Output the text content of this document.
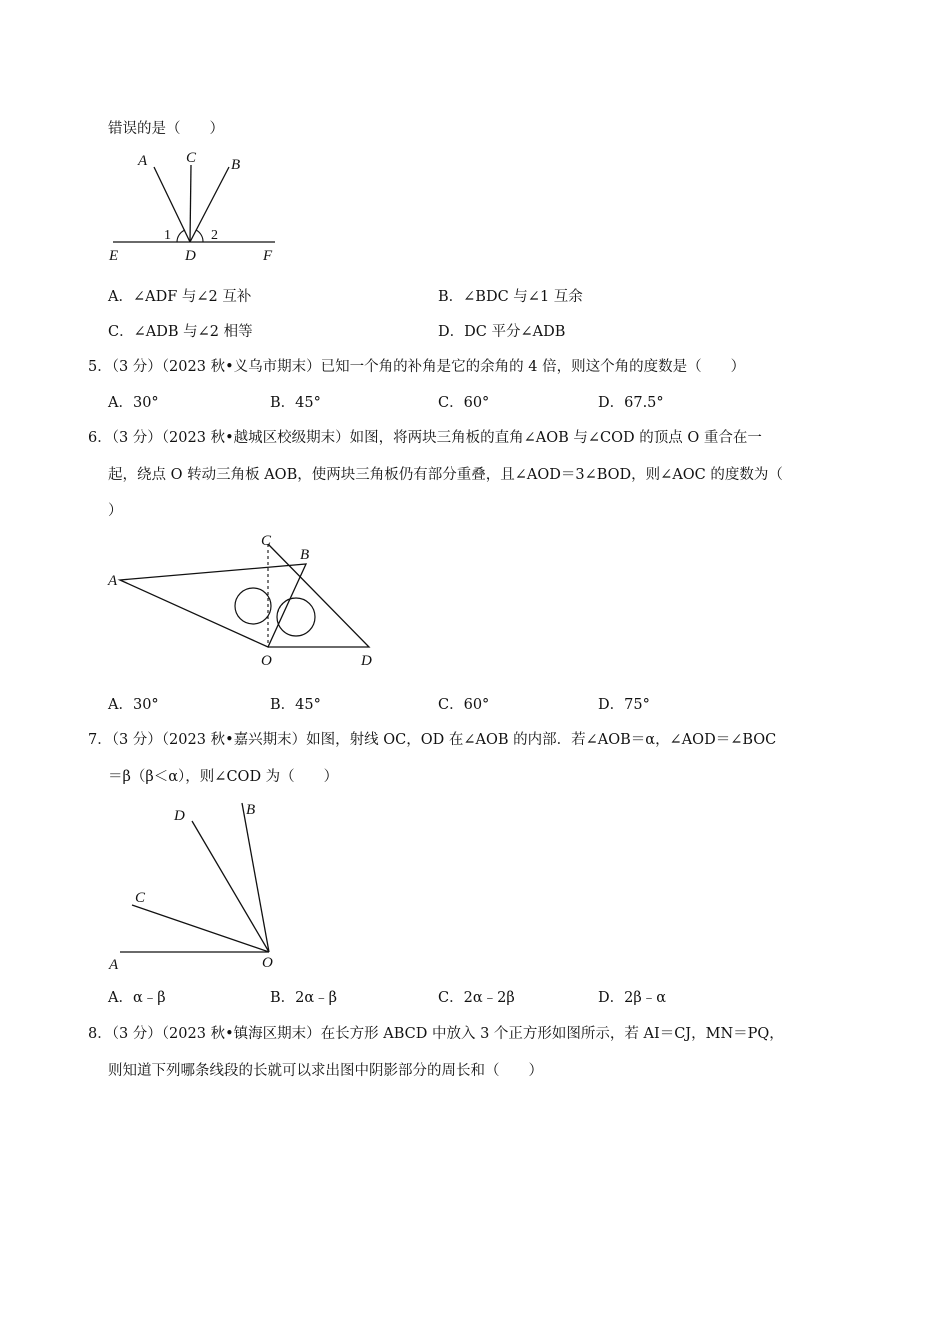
错误的是（　　）
A	C B
1	2
E	D	F
A．∠ADF 与∠2 互补	B．∠BDC 与∠1 互余
C．∠ADB 与∠2 相等	D．DC 平分∠ADB
5．（3 分）（2023 秋•义乌市期末）已知一个角的补角是它的余角的 4 倍，则这个角的度数是（　　）
A．30°	B．45°	C．60°	D．67.5°
6．（3 分）（2023 秋•越城区校级期末）如图，将两块三角板的直角∠AOB 与∠COD 的顶点 O 重合在一
起，绕点 O 转动三角板 AOB，使两块三角板仍有部分重叠，且∠AOD＝3∠BOD，则∠AOC 的度数为（
）
C
B
A
O	D
A．30°	B．45°	C．60°	D．75°
7．（3 分）（2023 秋•嘉兴期末）如图，射线 OC，OD 在∠AOB 的内部．若∠AOB＝α，∠AOD＝∠BOC
＝β（β＜α），则∠COD 为（　　）
D	B
C
A	O
A．α﹣β	B．2α﹣β	C．2α﹣2β	D．2β﹣α
8．（3 分）（2023 秋•镇海区期末）在长方形 ABCD 中放入 3 个正方形如图所示，若 AI＝CJ，MN＝PQ，
则知道下列哪条线段的长就可以求出图中阴影部分的周长和（　　）
